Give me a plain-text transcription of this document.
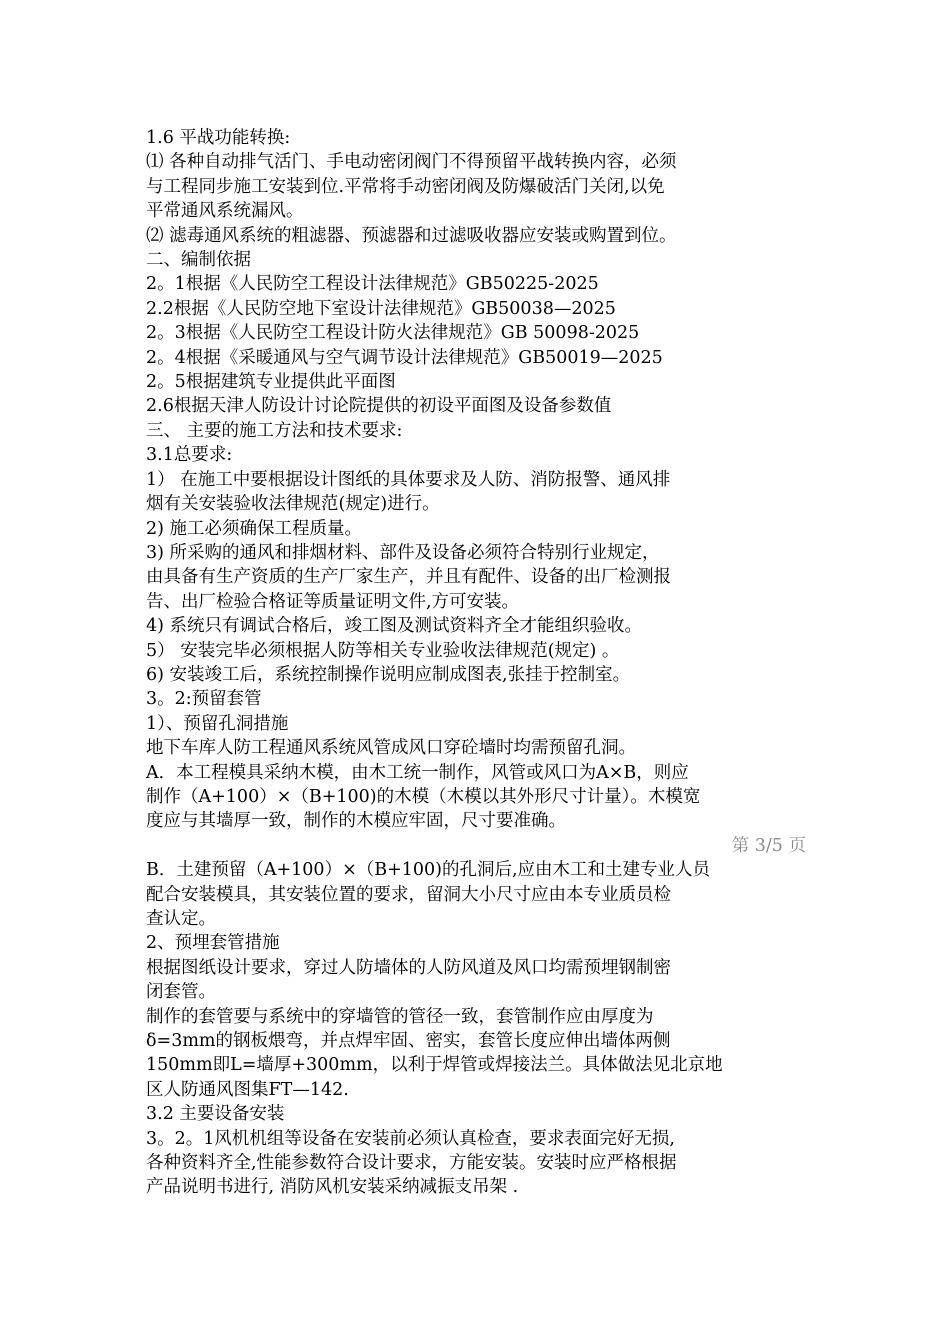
1.6 平战功能转换:
⑴ 各种自动排气活门、手电动密闭阀门不得预留平战转换内容，必须
与工程同步施工安装到位.平常将手动密闭阀及防爆破活门关闭,以免
平常通风系统漏风。
⑵ 滤毒通风系统的粗滤器、预滤器和过滤吸收器应安装或购置到位。
二、编制依据
2。1根据《人民防空工程设计法律规范》GB50225-2025
2.2根据《人民防空地下室设计法律规范》GB50038—2025
2。3根据《人民防空工程设计防火法律规范》GB 50098-2025
2。4根据《采暖通风与空气调节设计法律规范》GB50019—2025
2。5根据建筑专业提供此平面图
2.6根据天津人防设计讨论院提供的初设平面图及设备参数值
三、 主要的施工方法和技术要求:
3.1总要求:
1） 在施工中要根据设计图纸的具体要求及人防、消防报警、通风排
烟有关安装验收法律规范(规定)进行。
2) 施工必须确保工程质量。
3) 所采购的通风和排烟材料、部件及设备必须符合特别行业规定，
由具备有生产资质的生产厂家生产，并且有配件、设备的出厂检测报
告、出厂检验合格证等质量证明文件,方可安装。
4) 系统只有调试合格后，竣工图及测试资料齐全才能组织验收。
5） 安装完毕必须根据人防等相关专业验收法律规范(规定) 。
6) 安装竣工后，系统控制操作说明应制成图表,张挂于控制室。
3。2:预留套管
1）、预留孔洞措施
地下车库人防工程通风系统风管成风口穿砼墙时均需预留孔洞。
A．本工程模具采纳木模，由木工统一制作，风管或风口为A×B，则应
制作（A+100）×（B+100)的木模（木模以其外形尺寸计量）。木模宽
度应与其墙厚一致，制作的木模应牢固，尺寸要准确。
第 3/5 页
B．土建预留（A+100）×（B+100)的孔洞后,应由木工和土建专业人员
配合安装模具，其安装位置的要求，留洞大小尺寸应由本专业质员检
查认定。
2、预埋套管措施
根据图纸设计要求，穿过人防墙体的人防风道及风口均需预埋钢制密
闭套管。
制作的套管要与系统中的穿墙管的管径一致，套管制作应由厚度为
δ=3mm的钢板煨弯，并点焊牢固、密实，套管长度应伸出墙体两侧
150mm即L=墙厚+300mm，以利于焊管或焊接法兰。具体做法见北京地
区人防通风图集FT—142.
3.2 主要设备安装
3。2。1风机机组等设备在安装前必须认真检查，要求表面完好无损,
各种资料齐全,性能参数符合设计要求，方能安装。安装时应严格根据
产品说明书进行, 消防风机安装采纳减振支吊架 .
